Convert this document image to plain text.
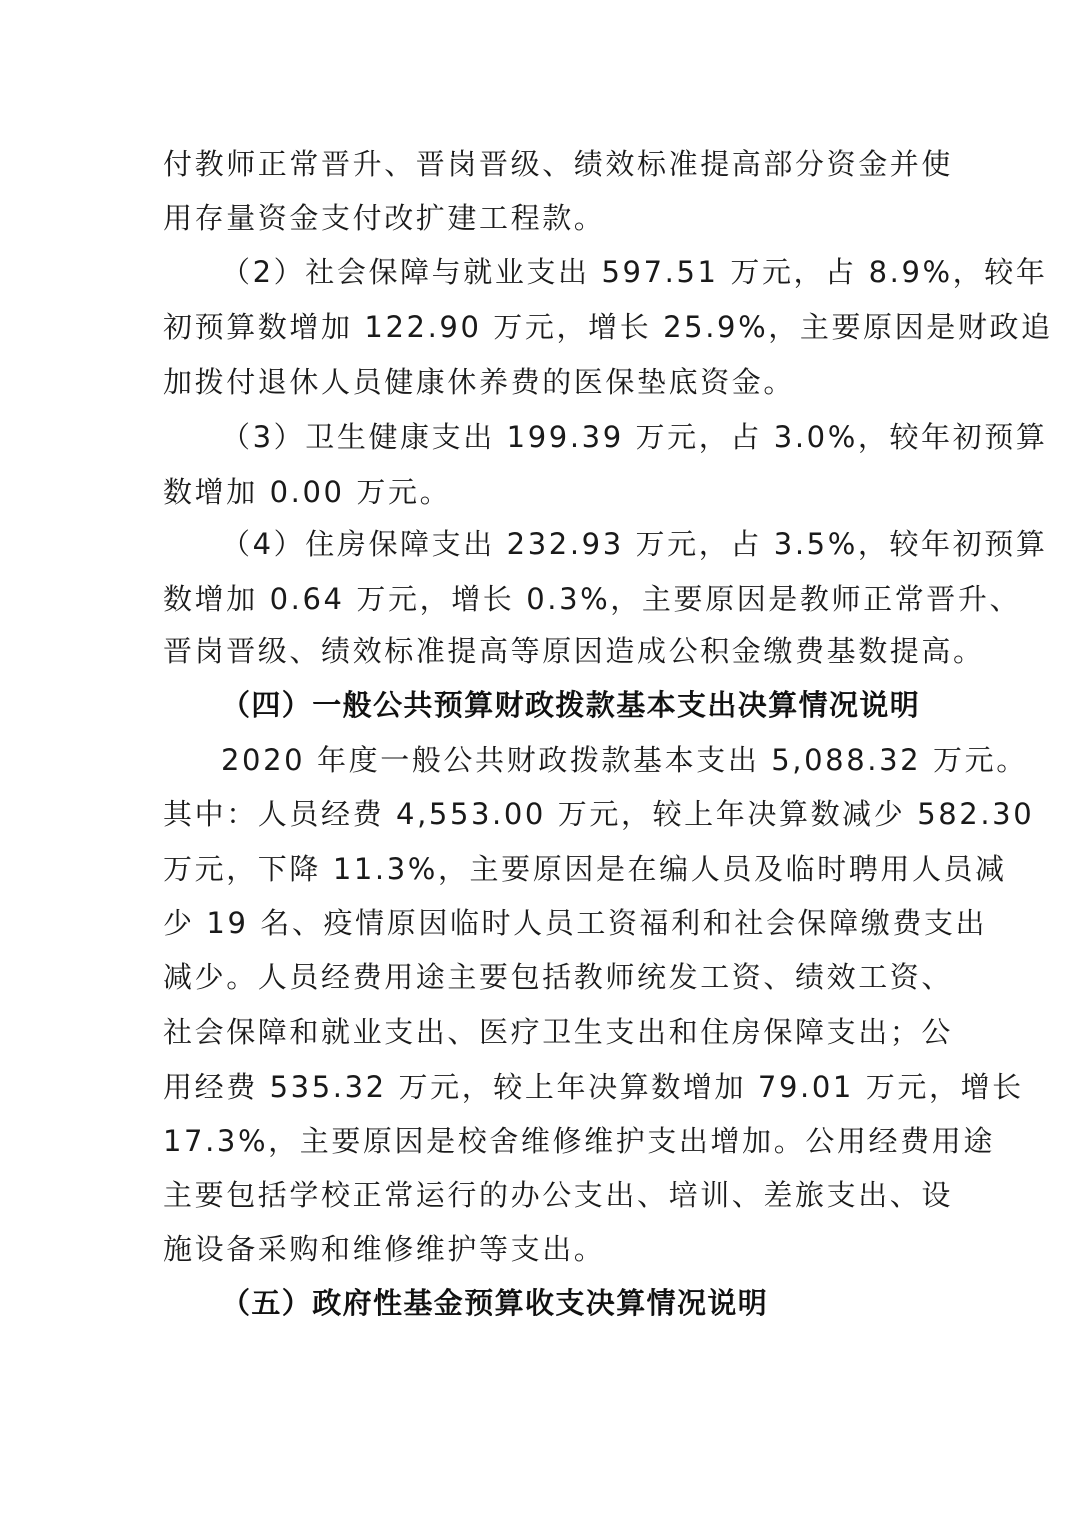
付教师正常晋升、晋岗晋级、绩效标准提高部分资金并使
用存量资金支付改扩建工程款。
（2）社会保障与就业支出 597.51 万元，占 8.9%，较年
初预算数增加 122.90 万元，增长 25.9%，主要原因是财政追
加拨付退休人员健康休养费的医保垫底资金。
（3）卫生健康支出 199.39 万元，占 3.0%，较年初预算
数增加 0.00 万元。
（4）住房保障支出 232.93 万元，占 3.5%，较年初预算
数增加 0.64 万元，增长 0.3%，主要原因是教师正常晋升、
晋岗晋级、绩效标准提高等原因造成公积金缴费基数提高。
（四）一般公共预算财政拨款基本支出决算情况说明
2020 年度一般公共财政拨款基本支出 5,088.32 万元。
其中：人员经费 4,553.00 万元，较上年决算数减少 582.30
万元，下降 11.3%，主要原因是在编人员及临时聘用人员减
少 19 名、疫情原因临时人员工资福利和社会保障缴费支出
减少。人员经费用途主要包括教师统发工资、绩效工资、
社会保障和就业支出、医疗卫生支出和住房保障支出；公
用经费 535.32 万元，较上年决算数增加 79.01 万元，增长
17.3%，主要原因是校舍维修维护支出增加。公用经费用途
主要包括学校正常运行的办公支出、培训、差旅支出、设
施设备采购和维修维护等支出。
（五）政府性基金预算收支决算情况说明
